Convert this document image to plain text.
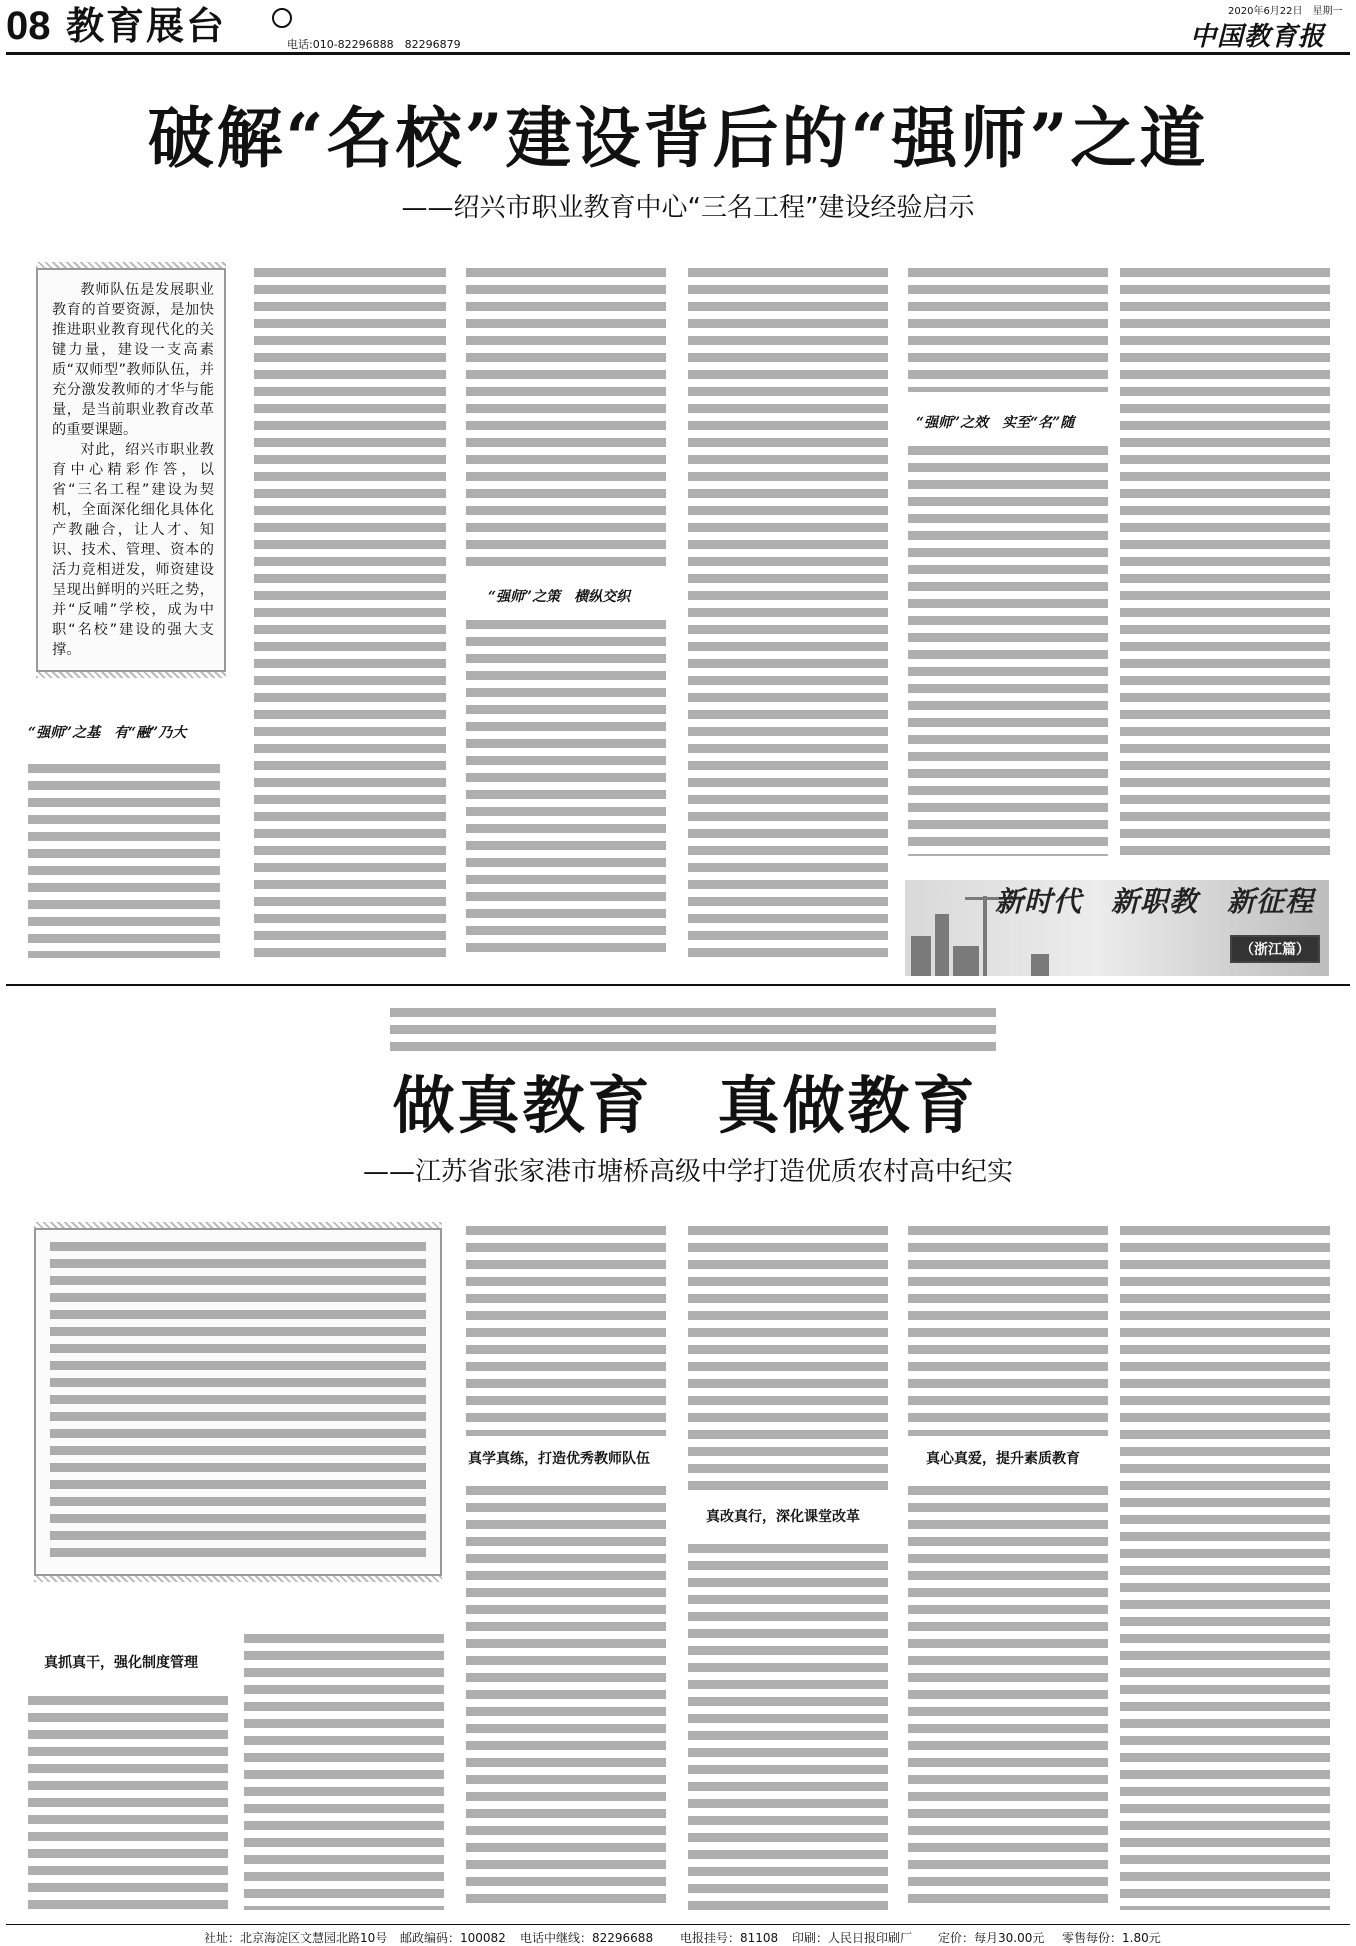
08 教育展台	电话:010-82296888　82296879
2020年6月22日　星期一
中国教育报
破解“名校”建设背后的“强师”之道
——绍兴市职业教育中心“三名工程”建设经验启示

教师队伍是发展职业教育的首要资源，是加快推进职业教育现代化的关键力量，建设一支高素质“双师型”教师队伍，并充分激发教师的才华与能量，是当前职业教育改革的重要课题。

对此，绍兴市职业教育中心精彩作答，以省“三名工程”建设为契机，全面深化细化具体化产教融合，让人才、知识、技术、管理、资本的活力竞相迸发，师资建设呈现出鲜明的兴旺之势，并“反哺”学校，成为中职“名校”建设的强大支撑。

“强师”之基　有“融”乃大
“强师”之策　横纵交织
“强师”之效　实至“名”随
新时代　新职教　新征程
（浙江篇）
做真教育　真做教育
——江苏省张家港市塘桥高级中学打造优质农村高中纪实
真抓真干，强化制度管理
真学真练，打造优秀教师队伍
真改真行，深化课堂改革
真心真爱，提升素质教育
社址：北京海淀区文慧园北路10号 邮政编码：100082 电话中继线：82296688 电报挂号：81108 印刷：人民日报印刷厂 定价：每月30.00元 零售每份：1.80元
